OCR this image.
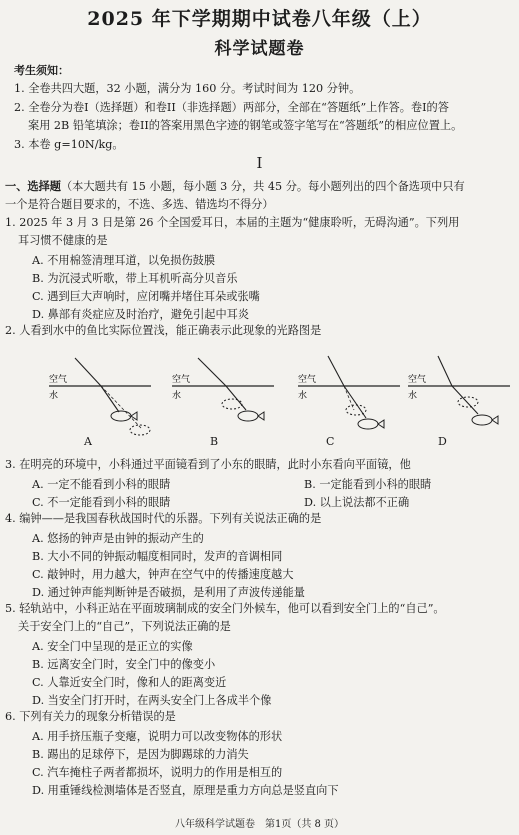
2025 年下学期期中试卷八年级（上）
科学试题卷
考生须知：
1. 全卷共四大题，32 小题，满分为 160 分。考试时间为 120 分钟。
2. 全卷分为卷I（选择题）和卷II（非选择题）两部分，全部在“答题纸”上作答。卷I的答
案用 2B 铅笔填涂；卷II的答案用黑色字迹的钢笔或签字笔写在“答题纸”的相应位置上。
3. 本卷 g=10N/kg。
I
一、选择题（本大题共有 15 小题，每小题 3 分，共 45 分。每小题列出的四个备选项中只有
一个是符合题目要求的，不选、多选、错选均不得分）
1. 2025 年 3 月 3 日是第 26 个全国爱耳日，本届的主题为“健康聆听，无碍沟通”。下列用
耳习惯不健康的是
A. 不用棉签清理耳道，以免损伤鼓膜
B. 为沉浸式听歌，带上耳机听高分贝音乐
C. 遇到巨大声响时，应闭嘴并堵住耳朵或张嘴
D. 鼻部有炎症应及时治疗，避免引起中耳炎
2. 人看到水中的鱼比实际位置浅，能正确表示此现象的光路图是
空气
水
空气
水
空气
水
空气
水
A	B	C	D
3. 在明亮的环境中，小科通过平面镜看到了小东的眼睛，此时小东看向平面镜，他
A. 一定不能看到小科的眼睛	B. 一定能看到小科的眼睛
C. 不一定能看到小科的眼睛	D. 以上说法都不正确
4. 编钟——是我国春秋战国时代的乐器。下列有关说法正确的是
A. 悠扬的钟声是由钟的振动产生的
B. 大小不同的钟振动幅度相同时，发声的音调相同
C. 敲钟时，用力越大，钟声在空气中的传播速度越大
D. 通过钟声能判断钟是否破损，是利用了声波传递能量
5. 轻轨站中，小科正站在平面玻璃制成的安全门外候车，他可以看到安全门上的“自己”。
关于安全门上的“自己”，下列说法正确的是
A. 安全门中呈现的是正立的实像
B. 远离安全门时，安全门中的像变小
C. 人靠近安全门时，像和人的距离变近
D. 当安全门打开时，在两头安全门上各成半个像
6. 下列有关力的现象分析错误的是
A. 用手挤压瓶子变瘪，说明力可以改变物体的形状
B. 踢出的足球停下，是因为脚踢球的力消失
C. 汽车掩柱子两者都损坏，说明力的作用是相互的
D. 用重锤线检测墙体是否竖直，原理是重力方向总是竖直向下
八年级科学试题卷　第1页（共 8 页）
